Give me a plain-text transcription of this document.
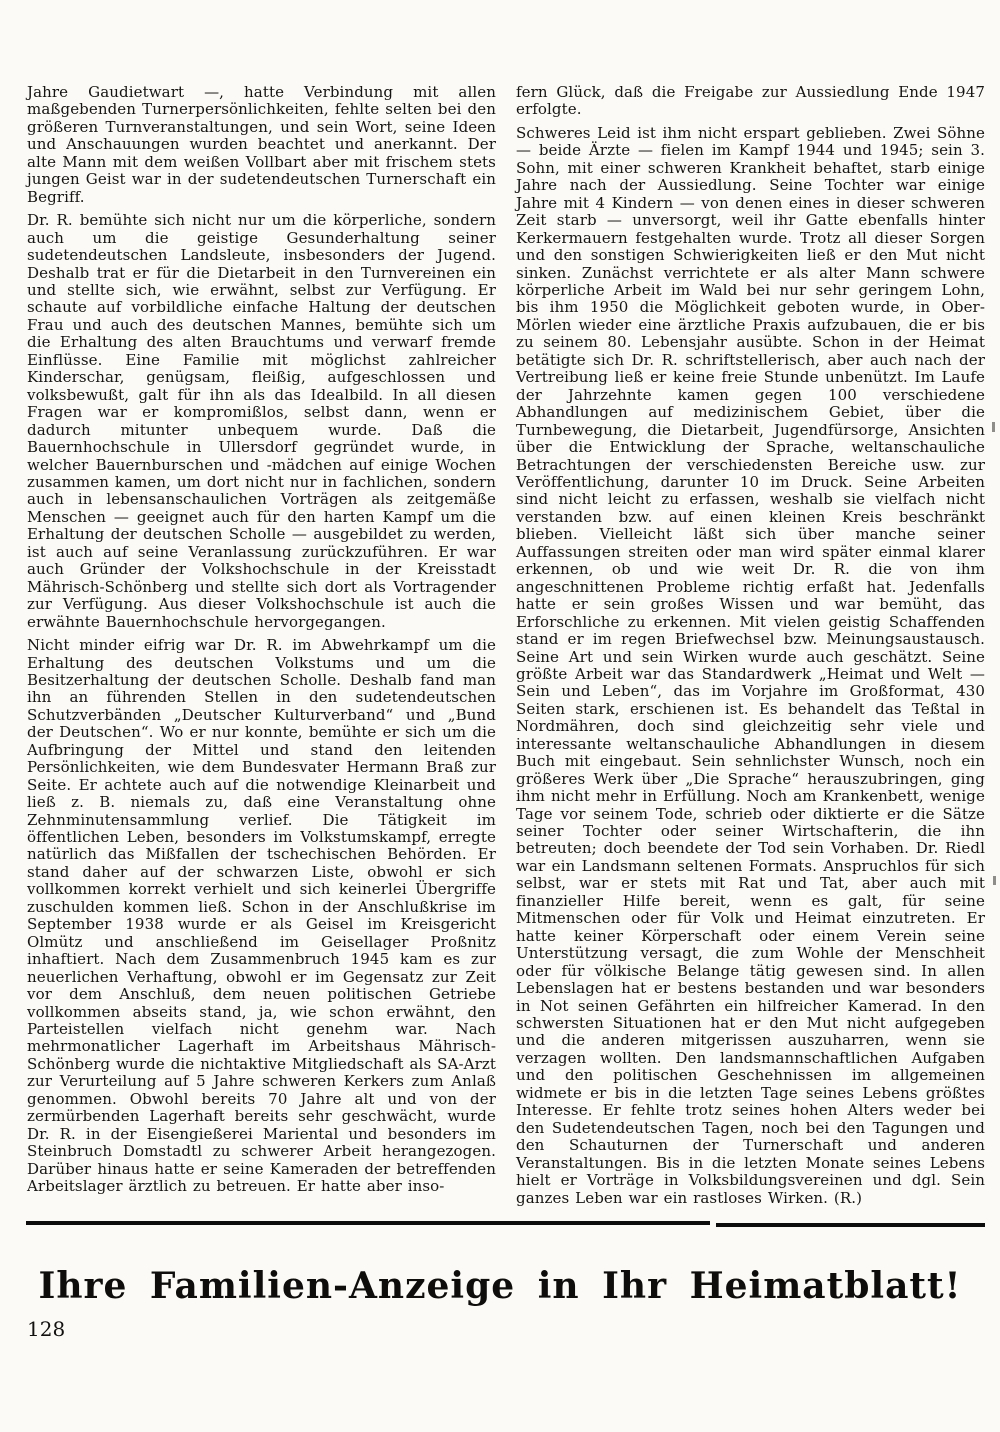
Jahre Gaudietwart —, hatte Verbindung mit allen maßgebenden Turnerpersönlichkeiten, fehlte selten bei den größeren Turnveranstaltungen, und sein Wort, seine Ideen und Anschauungen wurden beachtet und anerkannt. Der alte Mann mit dem weißen Vollbart aber mit frischem stets jungen Geist war in der sudetendeutschen Turnerschaft ein Begriff.

Dr. R. bemühte sich nicht nur um die körperliche, sondern auch um die geistige Gesunderhaltung seiner sudetendeutschen Landsleute, insbesonders der Jugend. Deshalb trat er für die Dietarbeit in den Turnvereinen ein und stellte sich, wie erwähnt, selbst zur Verfügung. Er schaute auf vorbildliche einfache Haltung der deutschen Frau und auch des deutschen Mannes, bemühte sich um die Erhaltung des alten Brauchtums und verwarf fremde Einflüsse. Eine Familie mit möglichst zahlreicher Kinderschar, genügsam, fleißig, aufgeschlossen und volksbewußt, galt für ihn als das Idealbild. In all diesen Fragen war er kompromißlos, selbst dann, wenn er dadurch mitunter unbequem wurde. Daß die Bauernhochschule in Ullersdorf gegründet wurde, in welcher Bauernburschen und -mädchen auf einige Wochen zusammen kamen, um dort nicht nur in fachlichen, sondern auch in lebensanschaulichen Vorträgen als zeitgemäße Menschen — geeignet auch für den harten Kampf um die Erhaltung der deutschen Scholle — ausgebildet zu werden, ist auch auf seine Veranlassung zurückzuführen. Er war auch Gründer der Volkshochschule in der Kreisstadt Mährisch-Schönberg und stellte sich dort als Vortragender zur Verfügung. Aus dieser Volkshochschule ist auch die erwähnte Bauernhochschule hervorgegangen.

Nicht minder eifrig war Dr. R. im Abwehrkampf um die Erhaltung des deutschen Volkstums und um die Besitzerhaltung der deutschen Scholle. Deshalb fand man ihn an führenden Stellen in den sudetendeutschen Schutzverbänden „Deutscher Kulturverband“ und „Bund der Deutschen“. Wo er nur konnte, bemühte er sich um die Aufbringung der Mittel und stand den leitenden Persönlichkeiten, wie dem Bundesvater Hermann Braß zur Seite. Er achtete auch auf die notwendige Kleinarbeit und ließ z. B. niemals zu, daß eine Veranstaltung ohne Zehnminutensammlung verlief. Die Tätigkeit im öffentlichen Leben, besonders im Volkstumskampf, erregte natürlich das Mißfallen der tschechischen Behörden. Er stand daher auf der schwarzen Liste, obwohl er sich vollkommen korrekt verhielt und sich keinerlei Übergriffe zuschulden kommen ließ. Schon in der Anschlußkrise im September 1938 wurde er als Geisel im Kreisgericht Olmütz und anschließend im Geisellager Proßnitz inhaftiert. Nach dem Zusammenbruch 1945 kam es zur neuerlichen Verhaftung, obwohl er im Gegensatz zur Zeit vor dem Anschluß, dem neuen politischen Getriebe vollkommen abseits stand, ja, wie schon erwähnt, den Parteistellen vielfach nicht genehm war. Nach mehrmonatlicher Lagerhaft im Arbeitshaus Mährisch-Schönberg wurde die nichtaktive Mitgliedschaft als SA-Arzt zur Verurteilung auf 5 Jahre schweren Kerkers zum Anlaß genommen. Obwohl bereits 70 Jahre alt und von der zermürbenden Lagerhaft bereits sehr geschwächt, wurde Dr. R. in der Eisengießerei Mariental und besonders im Steinbruch Domstadtl zu schwerer Arbeit herangezogen. Darüber hinaus hatte er seine Kameraden der betreffenden Arbeitslager ärztlich zu betreuen. Er hatte aber inso-

fern Glück, daß die Freigabe zur Aussiedlung Ende 1947 erfolgte.

Schweres Leid ist ihm nicht erspart geblieben. Zwei Söhne — beide Ärzte — fielen im Kampf 1944 und 1945; sein 3. Sohn, mit einer schweren Krankheit behaftet, starb einige Jahre nach der Aussiedlung. Seine Tochter war einige Jahre mit 4 Kindern — von denen eines in dieser schweren Zeit starb — unversorgt, weil ihr Gatte ebenfalls hinter Kerkermauern festgehalten wurde. Trotz all dieser Sorgen und den sonstigen Schwierigkeiten ließ er den Mut nicht sinken. Zunächst verrichtete er als alter Mann schwere körperliche Arbeit im Wald bei nur sehr geringem Lohn, bis ihm 1950 die Möglichkeit geboten wurde, in Ober-Mörlen wieder eine ärztliche Praxis aufzubauen, die er bis zu seinem 80. Lebensjahr ausübte. Schon in der Heimat betätigte sich Dr. R. schriftstellerisch, aber auch nach der Vertreibung ließ er keine freie Stunde unbenützt. Im Laufe der Jahrzehnte kamen gegen 100 verschiedene Abhandlungen auf medizinischem Gebiet, über die Turnbewegung, die Dietarbeit, Jugendfürsorge, Ansichten über die Entwicklung der Sprache, weltanschauliche Betrachtungen der verschiedensten Bereiche usw. zur Veröffentlichung, darunter 10 im Druck. Seine Arbeiten sind nicht leicht zu erfassen, weshalb sie vielfach nicht verstanden bzw. auf einen kleinen Kreis beschränkt blieben. Vielleicht läßt sich über manche seiner Auffassungen streiten oder man wird später einmal klarer erkennen, ob und wie weit Dr. R. die von ihm angeschnittenen Probleme richtig erfaßt hat. Jedenfalls hatte er sein großes Wissen und war bemüht, das Erforschliche zu erkennen. Mit vielen geistig Schaffenden stand er im regen Briefwechsel bzw. Meinungsaustausch. Seine Art und sein Wirken wurde auch geschätzt. Seine größte Arbeit war das Standardwerk „Heimat und Welt — Sein und Leben“, das im Vorjahre im Großformat, 430 Seiten stark, erschienen ist. Es behandelt das Teßtal in Nordmähren, doch sind gleichzeitig sehr viele und interessante weltanschauliche Abhandlungen in diesem Buch mit eingebaut. Sein sehnlichster Wunsch, noch ein größeres Werk über „Die Sprache“ herauszubringen, ging ihm nicht mehr in Erfüllung. Noch am Krankenbett, wenige Tage vor seinem Tode, schrieb oder diktierte er die Sätze seiner Tochter oder seiner Wirtschafterin, die ihn betreuten; doch beendete der Tod sein Vorhaben. Dr. Riedl war ein Landsmann seltenen Formats. Anspruchlos für sich selbst, war er stets mit Rat und Tat, aber auch mit finanzieller Hilfe bereit, wenn es galt, für seine Mitmenschen oder für Volk und Heimat einzutreten. Er hatte keiner Körperschaft oder einem Verein seine Unterstützung versagt, die zum Wohle der Menschheit oder für völkische Belange tätig gewesen sind. In allen Lebenslagen hat er bestens bestanden und war besonders in Not seinen Gefährten ein hilfreicher Kamerad. In den schwersten Situationen hat er den Mut nicht aufgegeben und die anderen mitgerissen auszuharren, wenn sie verzagen wollten. Den landsmannschaftlichen Aufgaben und den politischen Geschehnissen im allgemeinen widmete er bis in die letzten Tage seines Lebens größtes Interesse. Er fehlte trotz seines hohen Alters weder bei den Sudetendeutschen Tagen, noch bei den Tagungen und den Schauturnen der Turnerschaft und anderen Veranstaltungen. Bis in die letzten Monate seines Lebens hielt er Vorträge in Volksbildungsvereinen und dgl. Sein ganzes Leben war ein rastloses Wirken. (R.)

Ihre Familien-Anzeige in Ihr Heimatblatt!
128
